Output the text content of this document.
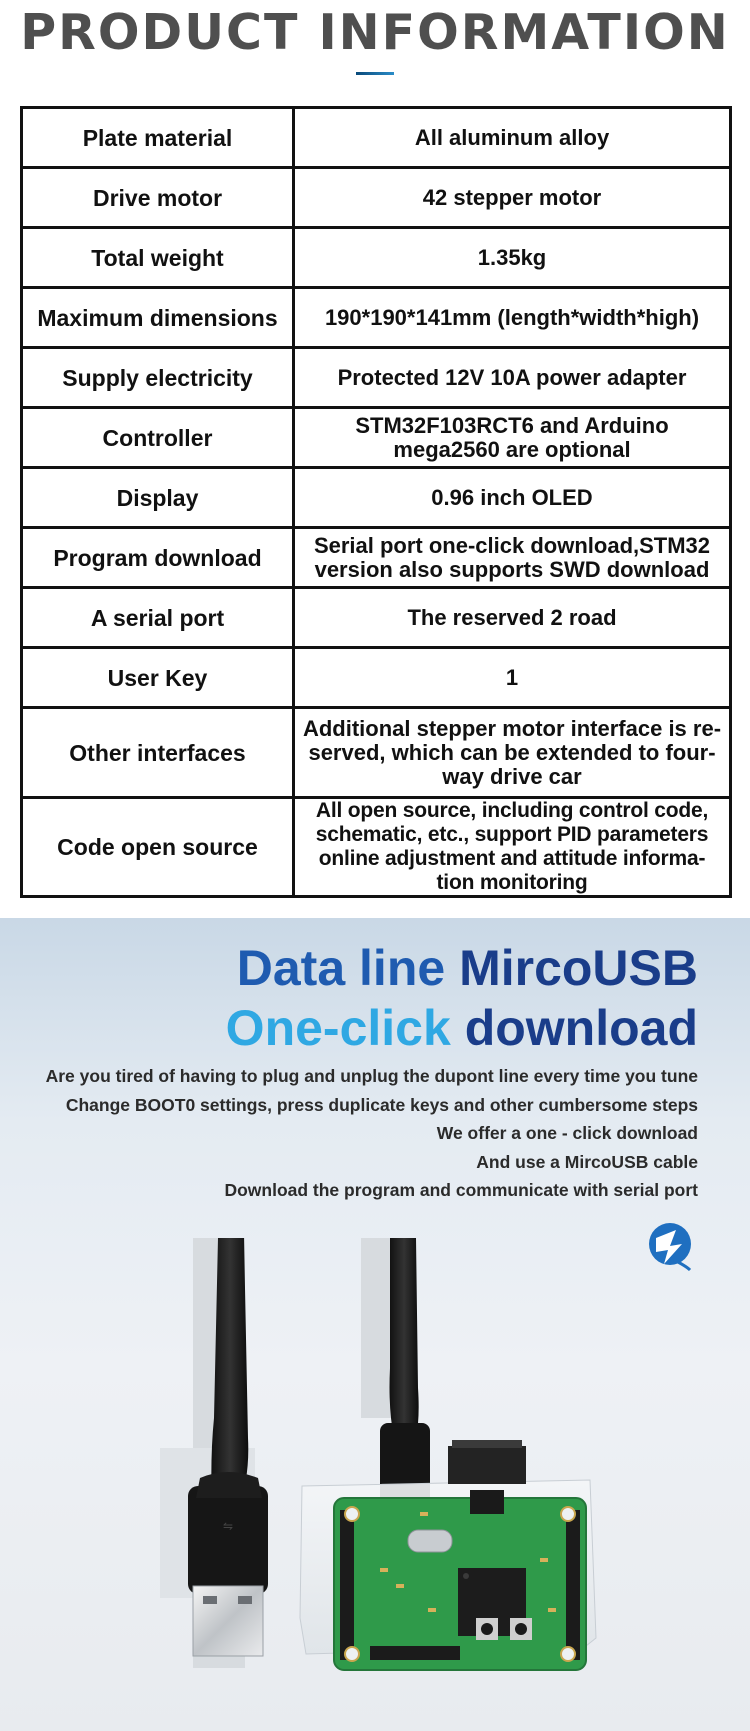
PRODUCT INFORMATION
Plate material	All aluminum alloy
Drive motor	42 stepper motor
Total weight	1.35kg
Maximum dimensions	190*190*141mm (length*width*high)
Supply electricity	Protected 12V 10A power adapter
Controller	STM32F103RCT6 and Arduino mega2560 are optional
Display	0.96 inch OLED
Program download	Serial port one-click download,STM32 version also supports SWD download
A serial port	The reserved 2 road
User Key	1
Other interfaces	Additional stepper motor interface is re-served, which can be extended to four-way drive car
Code open source	All open source, including control code, schematic, etc., support PID parameters online adjustment and attitude informa-tion monitoring
⇋
Data line MircoUSB
One-click download
Are you tired of having to plug and unplug the dupont line every time you tune
Change BOOT0 settings, press duplicate keys and other cumbersome steps
We offer a one - click download
And use a MircoUSB cable
Download the program and communicate with serial port
